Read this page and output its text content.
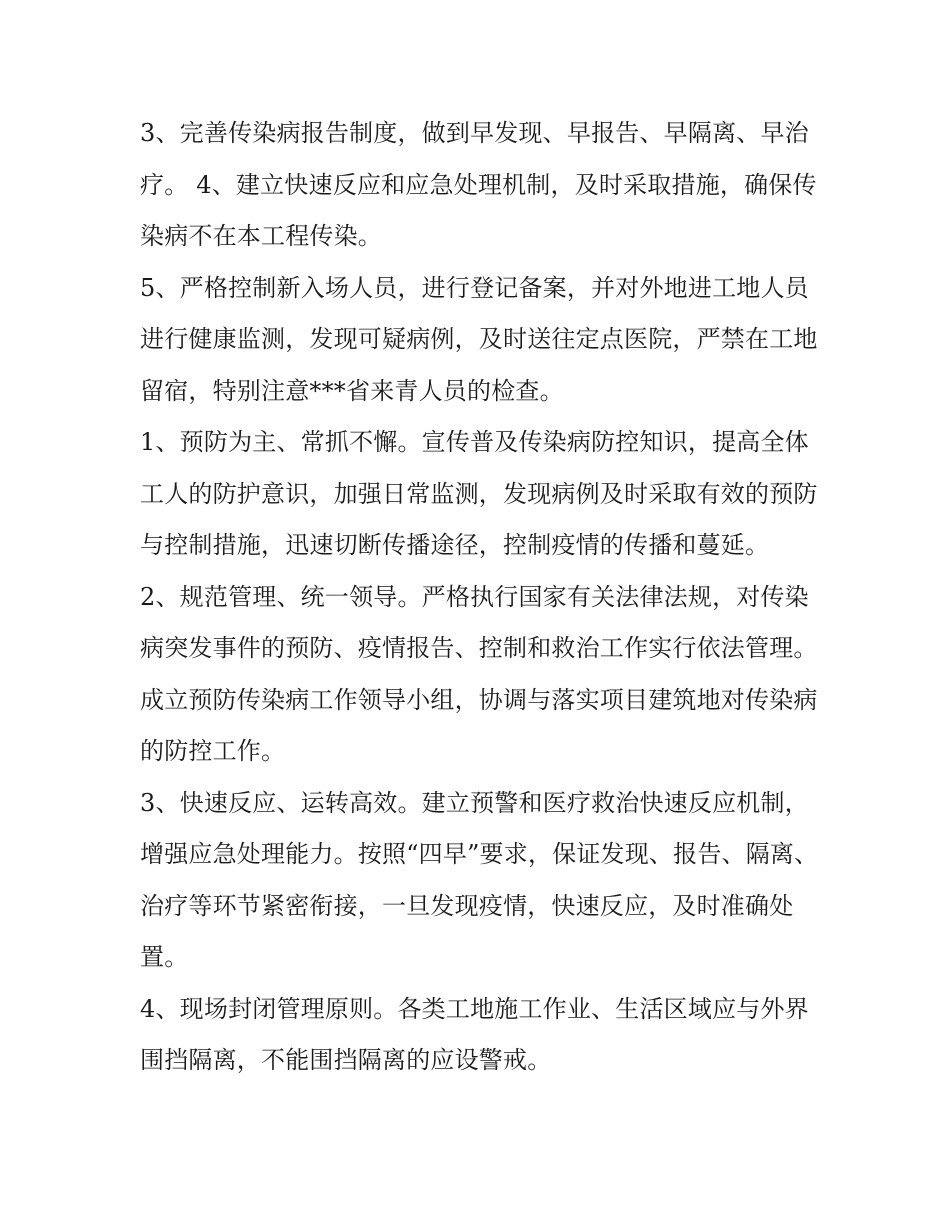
3、完善传染病报告制度，做到早发现、早报告、早隔离、早治疗。 4、建立快速反应和应急处理机制，及时采取措施，确保传染病不在本工程传染。

5、严格控制新入场人员，进行登记备案，并对外地进工地人员进行健康监测，发现可疑病例，及时送往定点医院，严禁在工地留宿，特别注意***省来青人员的检查。

1、预防为主、常抓不懈。宣传普及传染病防控知识，提高全体工人的防护意识，加强日常监测，发现病例及时采取有效的预防与控制措施，迅速切断传播途径，控制疫情的传播和蔓延。

2、规范管理、统一领导。严格执行国家有关法律法规，对传染病突发事件的预防、疫情报告、控制和救治工作实行依法管理。成立预防传染病工作领导小组，协调与落实项目建筑地对传染病的防控工作。

3、快速反应、运转高效。建立预警和医疗救治快速反应机制，增强应急处理能力。按照“四早”要求，保证发现、报告、隔离、治疗等环节紧密衔接，一旦发现疫情，快速反应，及时准确处置。

4、现场封闭管理原则。各类工地施工作业、生活区域应与外界围挡隔离，不能围挡隔离的应设警戒。
